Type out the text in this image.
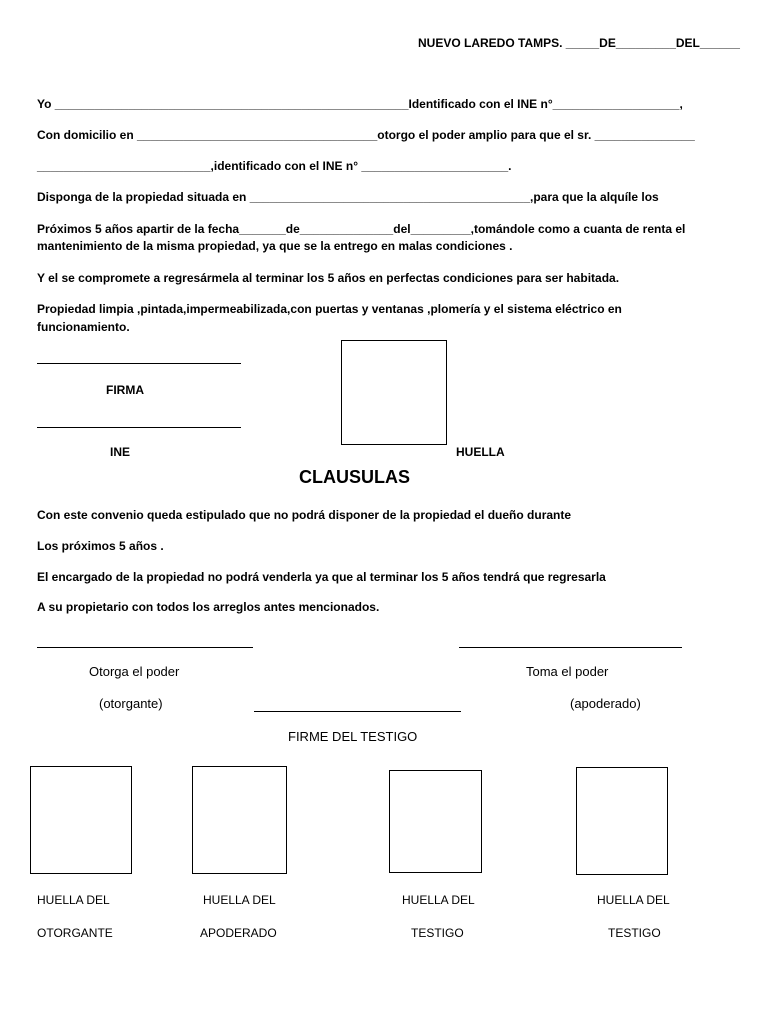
NUEVO LAREDO TAMPS. _____DE_________DEL______

Yo _____________________________________________________Identificado con el INE n°___________________,

Con domicilio en ____________________________________otorgo el poder amplio para que el sr. _______________

__________________________,identificado con el INE n° ______________________.

Disponga de la propiedad situada en __________________________________________,para que la alquíle los

Próximos 5 años apartir de la fecha_______de______________del_________,tomándole como a cuanta de renta el

mantenimiento de la misma propiedad, ya que se la entrego en malas condiciones .

Y el se compromete a regresármela al terminar los 5 años en perfectas condiciones para ser habitada.

Propiedad limpia ,pintada,impermeabilizada,con puertas y ventanas ,plomería y el sistema eléctrico en

funcionamiento.

FIRMA

INE	HUELLA

CLAUSULAS

Con este convenio queda estipulado que no podrá disponer de la propiedad el dueño durante

Los próximos 5 años .

El encargado de la propiedad no podrá venderla ya que al terminar los 5 años tendrá que regresarla

A su propietario con todos los arreglos antes mencionados.

Otorga el poder	Toma el poder

(otorgante)	(apoderado)

FIRME DEL TESTIGO

HUELLA DEL

OTORGANTE

HUELLA DEL

APODERADO

HUELLA DEL

TESTIGO

HUELLA DEL

TESTIGO
